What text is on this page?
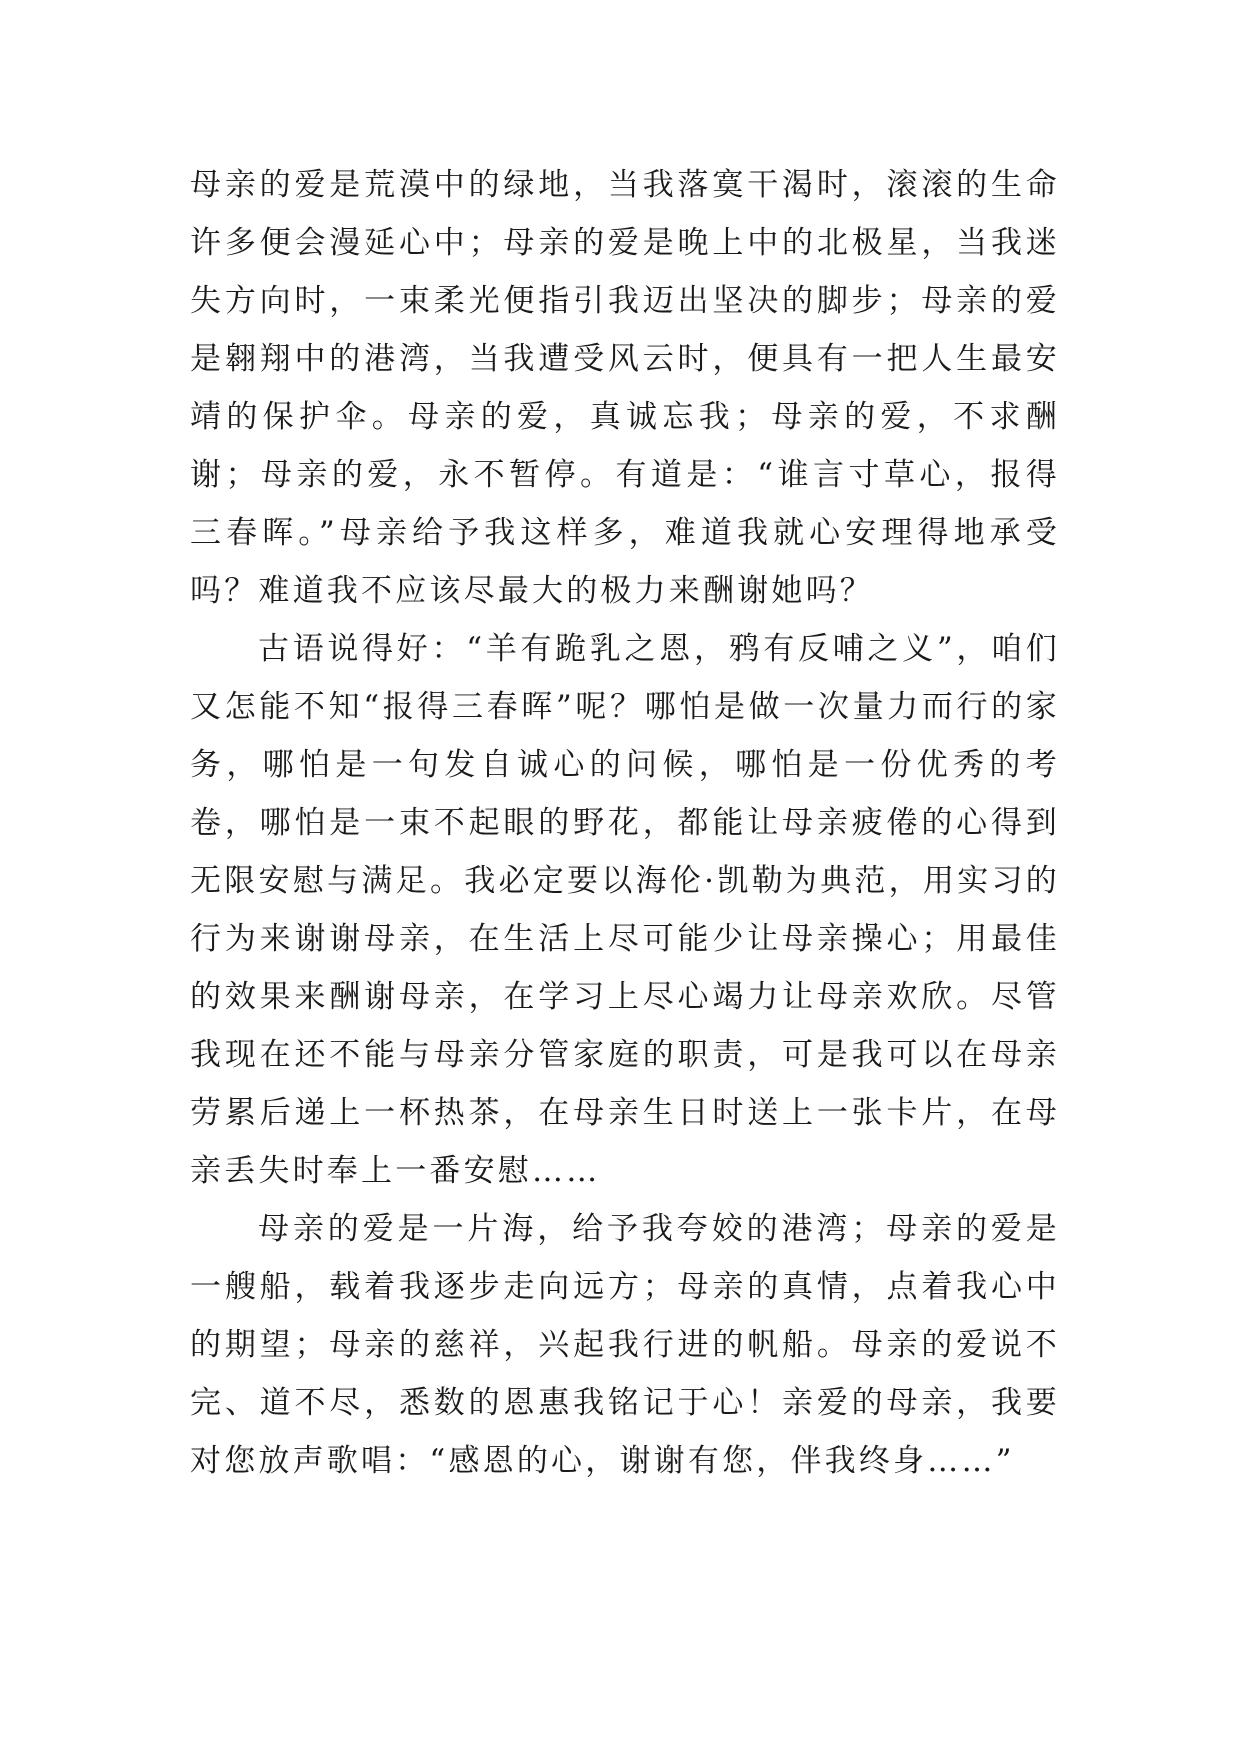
母亲的爱是荒漠中的绿地，当我落寞干渴时，滚滚的生命许多便会漫延心中；母亲的爱是晚上中的北极星，当我迷失方向时，一束柔光便指引我迈出坚决的脚步；母亲的爱是翱翔中的港湾，当我遭受风云时，便具有一把人生最安靖的保护伞。母亲的爱，真诚忘我；母亲的爱，不求酬谢；母亲的爱，永不暂停。有道是：“谁言寸草心，报得三春晖。”母亲给予我这样多，难道我就心安理得地承受吗？难道我不应该尽最大的极力来酬谢她吗？

古语说得好：“羊有跪乳之恩，鸦有反哺之义”，咱们又怎能不知“报得三春晖”呢？哪怕是做一次量力而行的家务，哪怕是一句发自诚心的问候，哪怕是一份优秀的考卷，哪怕是一束不起眼的野花，都能让母亲疲倦的心得到无限安慰与满足。我必定要以海伦·凯勒为典范，用实习的行为来谢谢母亲，在生活上尽可能少让母亲操心；用最佳的效果来酬谢母亲，在学习上尽心竭力让母亲欢欣。尽管我现在还不能与母亲分管家庭的职责，可是我可以在母亲劳累后递上一杯热茶，在母亲生日时送上一张卡片，在母亲丢失时奉上一番安慰……

母亲的爱是一片海，给予我夸姣的港湾；母亲的爱是一艘船，载着我逐步走向远方；母亲的真情，点着我心中的期望；母亲的慈祥，兴起我行进的帆船。母亲的爱说不完、道不尽，悉数的恩惠我铭记于心！亲爱的母亲，我要对您放声歌唱：“感恩的心，谢谢有您，伴我终身……”
